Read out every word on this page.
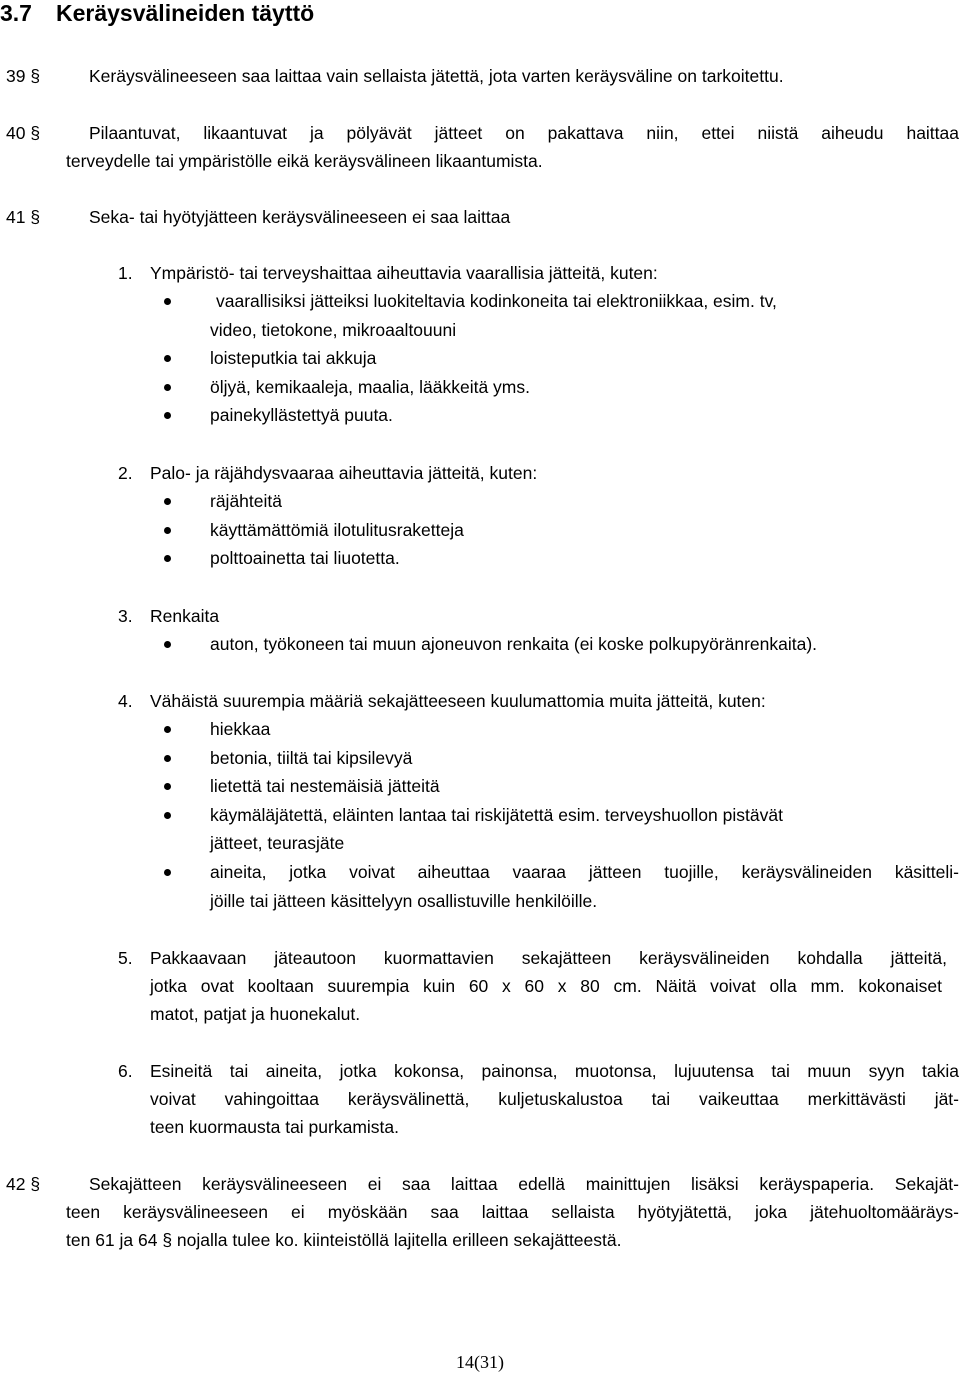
3.7 Keräysvälineiden täyttö
39 §	Keräysvälineeseen saa laittaa vain sellaista jätettä, jota varten keräysväline on tarkoitettu.
40 §	Pilaantuvat, likaantuvat ja pölyävät jätteet on pakattava niin, ettei niistä aiheudu haittaa
terveydelle tai ympäristölle eikä keräysvälineen likaantumista.
41 §	Seka- tai hyötyjätteen keräysvälineeseen ei saa laittaa
1. Ympäristö- tai terveyshaittaa aiheuttavia vaarallisia jätteitä, kuten:
vaarallisiksi jätteiksi luokiteltavia kodinkoneita tai elektroniikkaa, esim. tv,
video, tietokone, mikroaaltouuni
loisteputkia tai akkuja
öljyä, kemikaaleja, maalia, lääkkeitä yms.
painekyllästettyä puuta.
2. Palo- ja räjähdysvaaraa aiheuttavia jätteitä, kuten:
räjähteitä
käyttämättömiä ilotulitusraketteja
polttoainetta tai liuotetta.
3. Renkaita
auton, työkoneen tai muun ajoneuvon renkaita (ei koske polkupyöränrenkaita).
4. Vähäistä suurempia määriä sekajätteeseen kuulumattomia muita jätteitä, kuten:
hiekkaa
betonia, tiiltä tai kipsilevyä
lietettä tai nestemäisiä jätteitä
käymäläjätettä, eläinten lantaa tai riskijätettä esim. terveyshuollon pistävät
jätteet, teurasjäte
aineita, jotka voivat aiheuttaa vaaraa jätteen tuojille, keräysvälineiden käsitteli-
jöille tai jätteen käsittelyyn osallistuville henkilöille.
5. Pakkaavaan jäteautoon kuormattavien sekajätteen keräysvälineiden kohdalla jätteitä,
jotka ovat kooltaan suurempia kuin 60 x 60 x 80 cm. Näitä voivat olla mm. kokonaiset
matot, patjat ja huonekalut.
6. Esineitä tai aineita, jotka kokonsa, painonsa, muotonsa, lujuutensa tai muun syyn takia
voivat vahingoittaa keräysvälinettä, kuljetuskalustoa tai vaikeuttaa merkittävästi jät-
teen kuormausta tai purkamista.
42 §	Sekajätteen keräysvälineeseen ei saa laittaa edellä mainittujen lisäksi keräyspaperia. Sekajät-
teen keräysvälineeseen ei myöskään saa laittaa sellaista hyötyjätettä, joka jätehuoltomääräys-
ten 61 ja 64 § nojalla tulee ko. kiinteistöllä lajitella erilleen sekajätteestä.
14(31)
